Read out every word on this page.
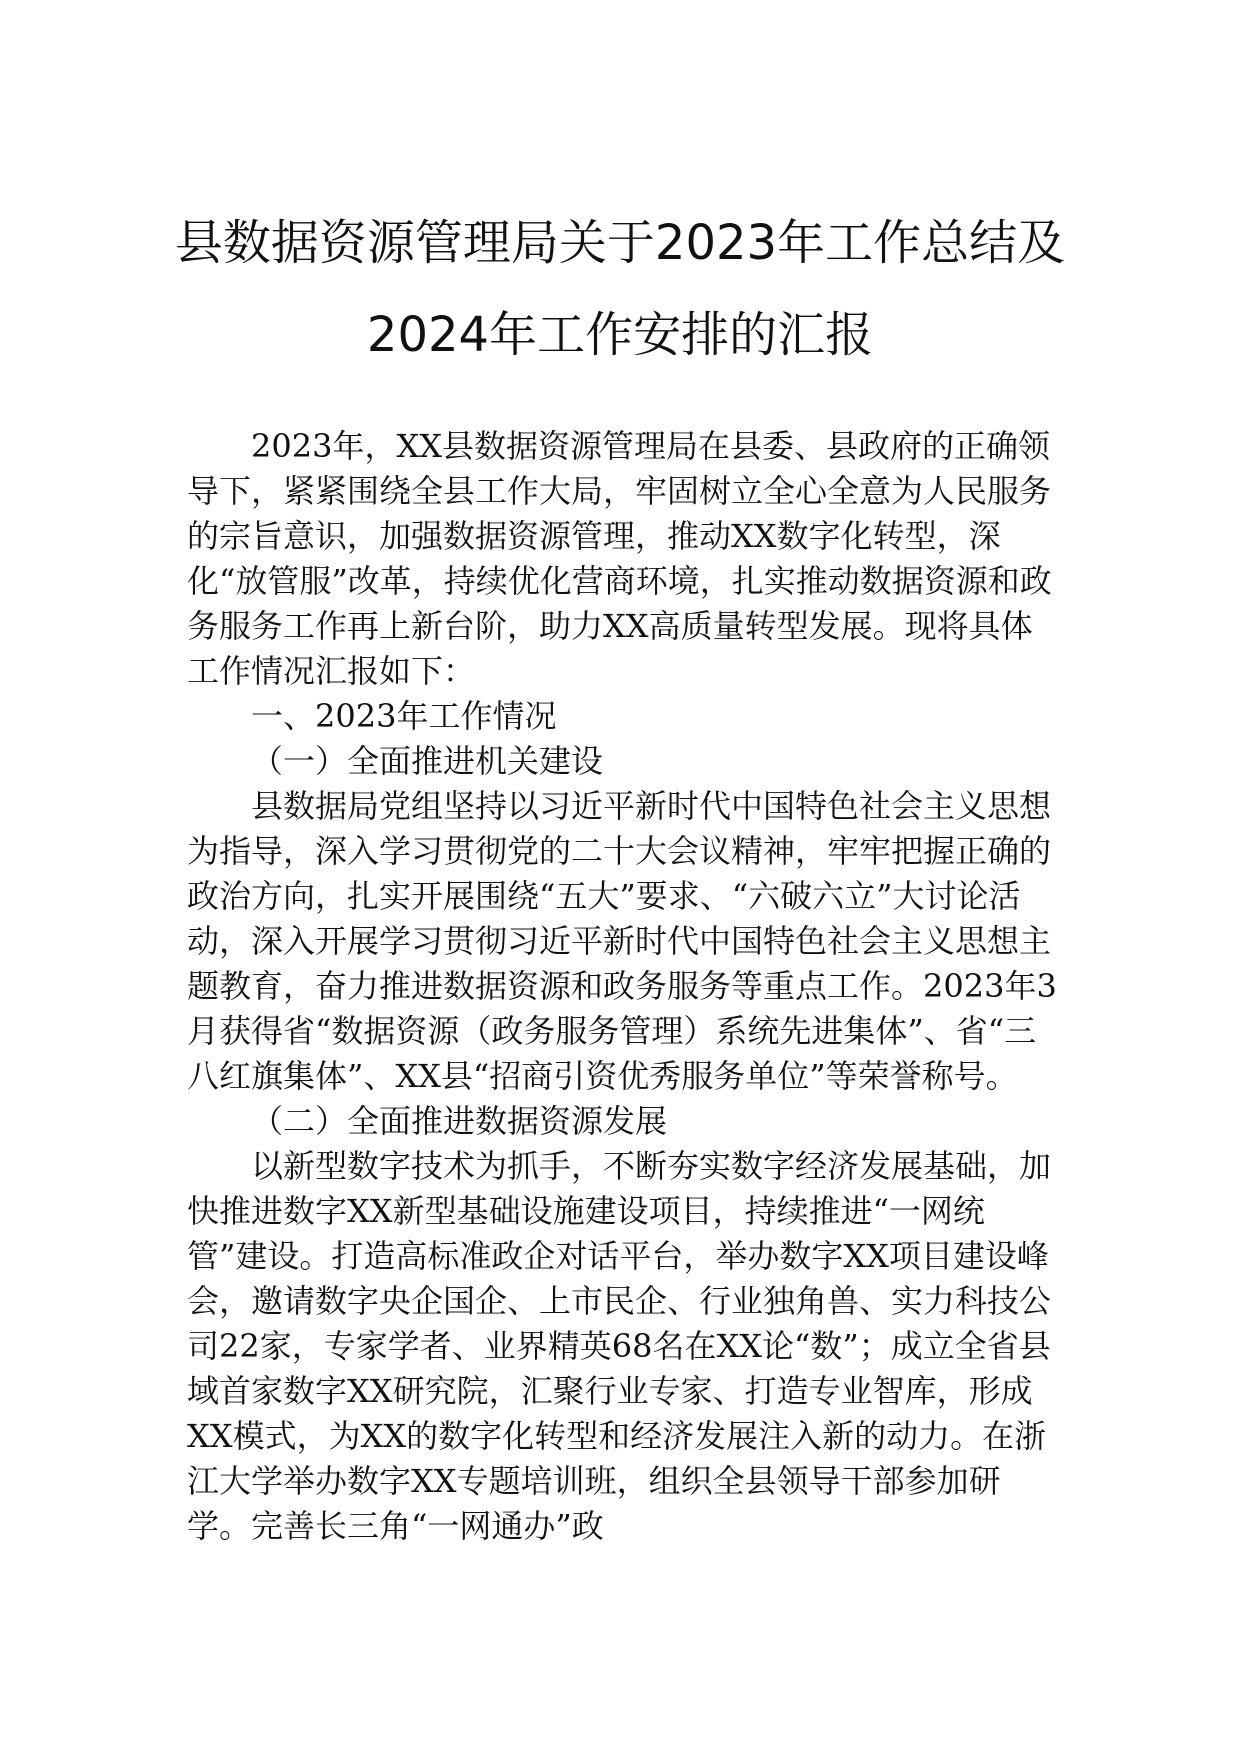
县数据资源管理局关于2023年工作总结及
2024年工作安排的汇报

2023年，XX县数据资源管理局在县委、县政府的正确领导下，紧紧围绕全县工作大局，牢固树立全心全意为人民服务的宗旨意识，加强数据资源管理，推动XX数字化转型，深化“放管服”改革，持续优化营商环境，扎实推动数据资源和政务服务工作再上新台阶，助力XX高质量转型发展。现将具体工作情况汇报如下：

一、2023年工作情况
（一）全面推进机关建设

县数据局党组坚持以习近平新时代中国特色社会主义思想为指导，深入学习贯彻党的二十大会议精神，牢牢把握正确的政治方向，扎实开展围绕“五大”要求、“六破六立”大讨论活动，深入开展学习贯彻习近平新时代中国特色社会主义思想主题教育，奋力推进数据资源和政务服务等重点工作。2023年3月获得省“数据资源（政务服务管理）系统先进集体”、省“三八红旗集体”、XX县“招商引资优秀服务单位”等荣誉称号。

（二）全面推进数据资源发展

以新型数字技术为抓手，不断夯实数字经济发展基础，加快推进数字XX新型基础设施建设项目，持续推进“一网统管”建设。打造高标准政企对话平台，举办数字XX项目建设峰会，邀请数字央企国企、上市民企、行业独角兽、实力科技公司22家，专家学者、业界精英68名在XX论“数”；成立全省县域首家数字XX研究院，汇聚行业专家、打造专业智库，形成XX模式，为XX的数字化转型和经济发展注入新的动力。在浙江大学举办数字XX专题培训班，组织全县领导干部参加研学。完善长三角“一网通办”政
